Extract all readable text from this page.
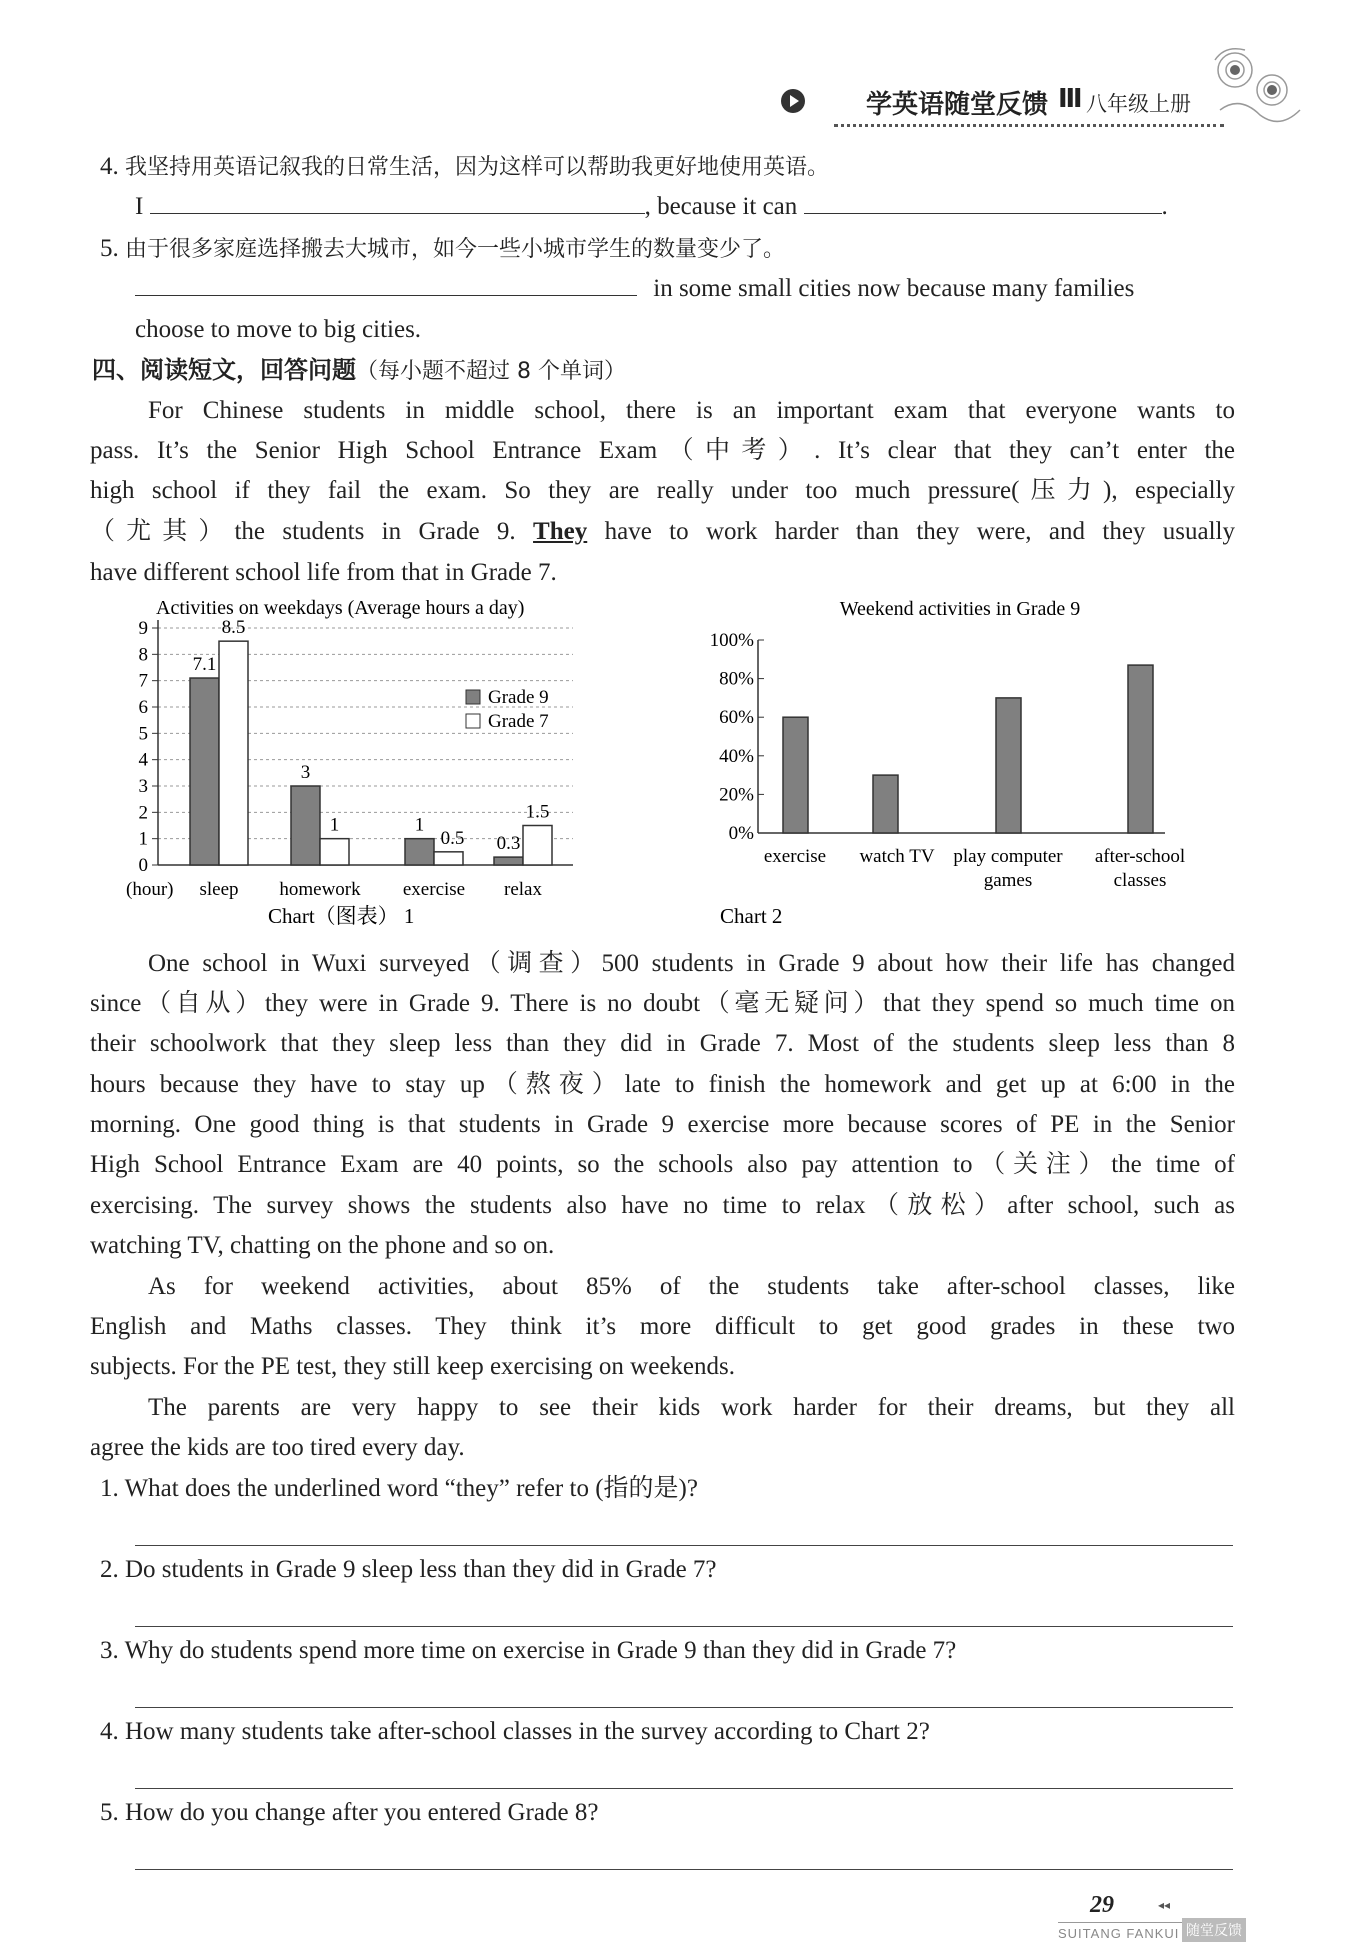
学英语随堂反馈 Ⅲ 八年级上册
4. 我坚持用英语记叙我的日常生活，因为这样可以帮助我更好地使用英语。
I	, because it can	.
5. 由于很多家庭选择搬去大城市，如今一些小城市学生的数量变少了。
in some small cities now because many families
choose to move to big cities.
四、阅读短文，回答问题（每小题不超过 8 个单词）
For Chinese students in middle school, there is an important exam that everyone wants to
pass. It’s the Senior High School Entrance Exam（中考）. It’s clear that they can’t enter the
high school if they fail the exam. So they are really under too much pressure(压力), especially
（尤其）the students in Grade 9. They have to work harder than they were, and they usually
have different school life from that in Grade 7.
Activities on weekdays (Average hours a day)
0
1
2
3
4
5
6
7
8
9
(hour)
7.1
8.5
sleep
3
1
homework
1
0.5
exercise
0.3
1.5
relax
Grade 9
Grade 7
Chart（图表） 1
Weekend activities in Grade 9
0%
20%
40%
60%
80%
100%
exercise watch TV play computer
games
after-school
classes
Chart 2
One school in Wuxi surveyed（调查）500 students in Grade 9 about how their life has changed
since（自从）they were in Grade 9. There is no doubt（毫无疑问）that they spend so much time on
their schoolwork that they sleep less than they did in Grade 7. Most of the students sleep less than 8
hours because they have to stay up（熬夜）late to finish the homework and get up at 6:00 in the
morning. One good thing is that students in Grade 9 exercise more because scores of PE in the Senior
High School Entrance Exam are 40 points, so the schools also pay attention to（关注）the time of
exercising. The survey shows the students also have no time to relax（放松）after school, such as
watching TV, chatting on the phone and so on.
As for weekend activities, about 85% of the students take after-school classes, like
English and Maths classes. They think it’s more difficult to get good grades in these two
subjects. For the PE test, they still keep exercising on weekends.
The parents are very happy to see their kids work harder for their dreams, but they all
agree the kids are too tired every day.
1. What does the underlined word “they” refer to (指的是)?
2. Do students in Grade 9 sleep less than they did in Grade 7?
3. Why do students spend more time on exercise in Grade 9 than they did in Grade 7?
4. How many students take after-school classes in the survey according to Chart 2?
5. How do you change after you entered Grade 8?
29	◂◂
SUITANG FANKUI 随堂反馈
